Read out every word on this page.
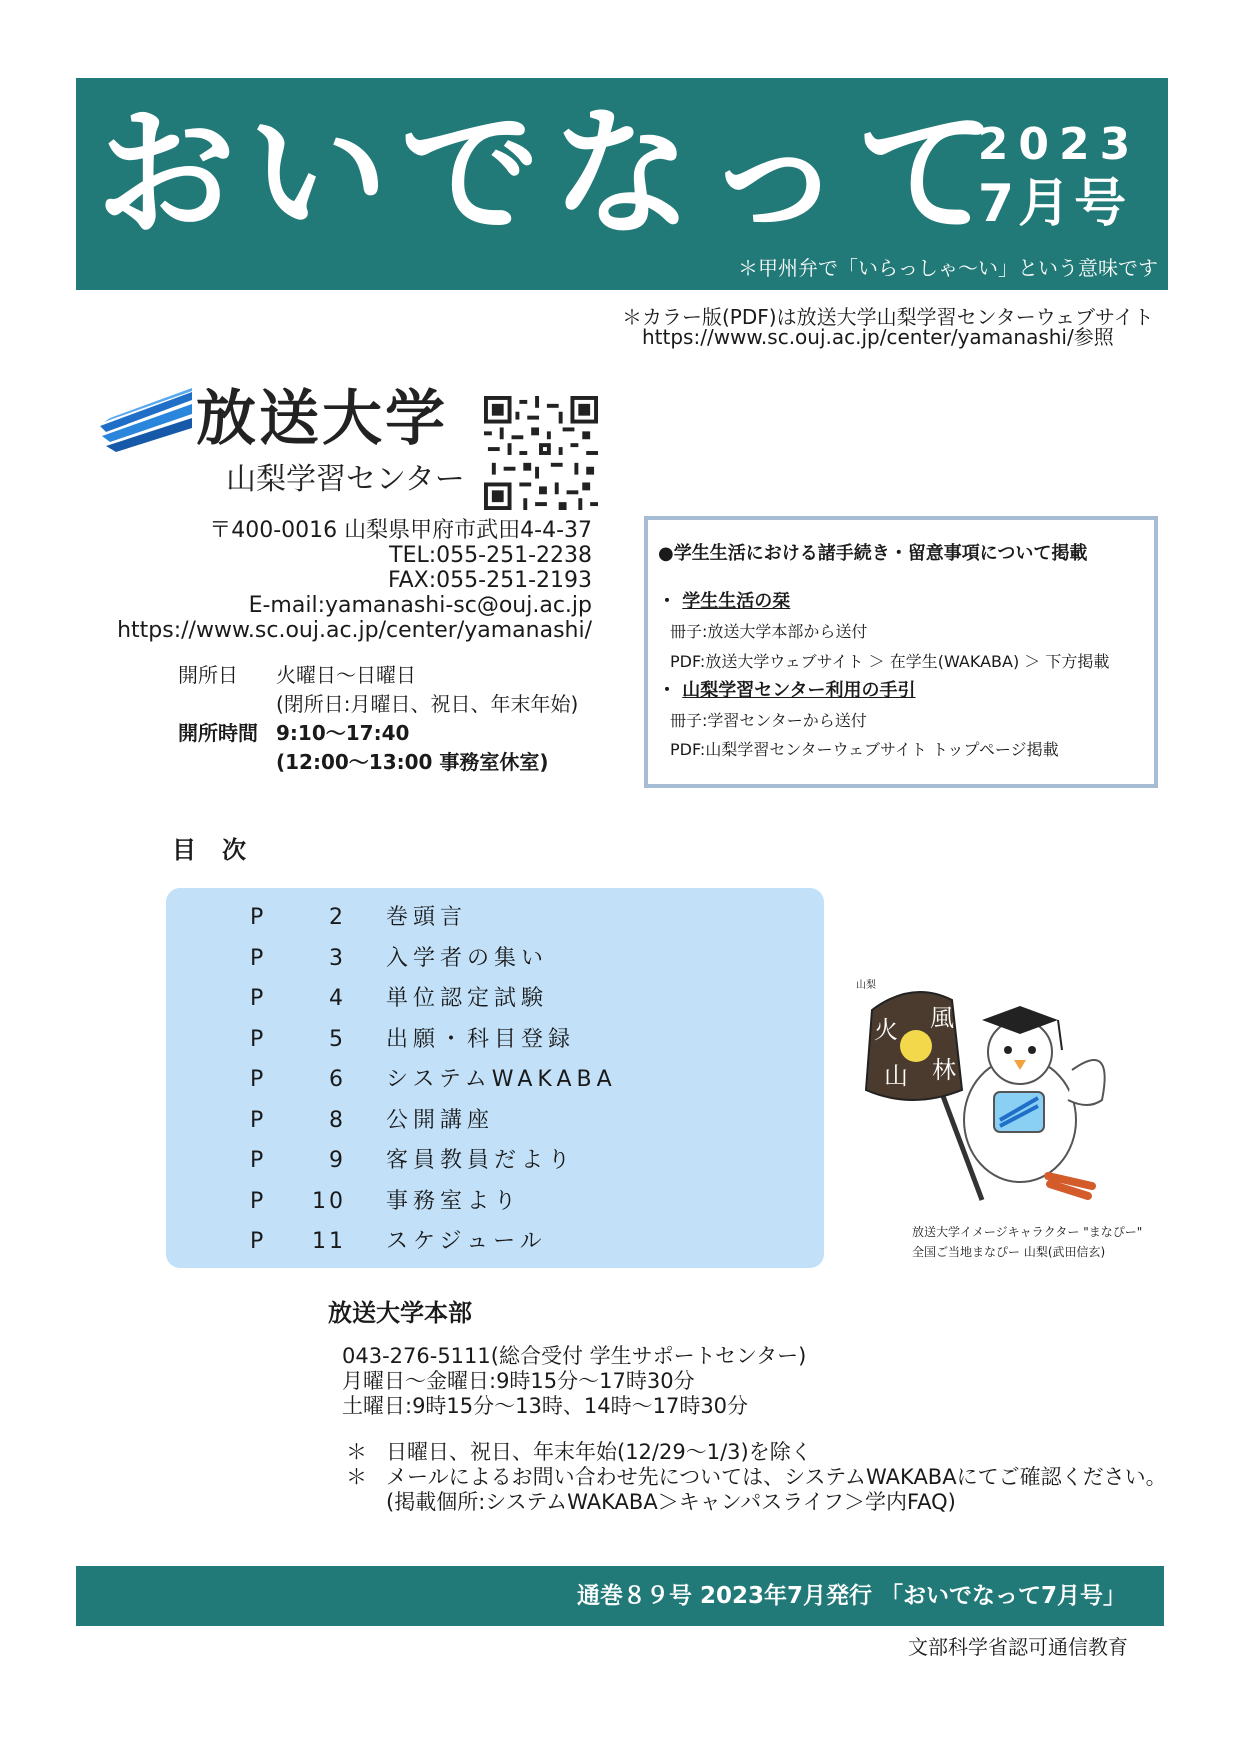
おいでなって
2023
7月号
＊甲州弁で「いらっしゃ〜い」という意味です
＊カラー版(PDF)は放送大学山梨学習センターウェブサイト
https://www.sc.ouj.ac.jp/center/yamanashi/参照
放送大学
山梨学習センター
〒400-0016 山梨県甲府市武田4-4-37
TEL:055-251-2238
FAX:055-251-2193
E-mail:yamanashi-sc@ouj.ac.jp
https://www.sc.ouj.ac.jp/center/yamanashi/
開所日 火曜日〜日曜日
(閉所日:月曜日、祝日、年末年始)
開所時間 9:10〜17:40
(12:00〜13:00 事務室休室)
●学生生活における諸手続き・留意事項について掲載
・ 学生生活の栞
冊子:放送大学本部から送付
PDF:放送大学ウェブサイト ＞ 在学生(WAKABA) ＞ 下方掲載
・ 山梨学習センター利用の手引
冊子:学習センターから送付
PDF:山梨学習センターウェブサイト トップページ掲載
目次
P	2 巻頭言
P	3 入学者の集い
P	4 単位認定試験
P	5 出願・科目登録
P	6 システムWAKABA
P	8 公開講座
P	9 客員教員だより
P	10 事務室より
P	11 スケジュール
火 風
林
山
山梨
放送大学イメージキャラクター "まなぴー"
全国ご当地まなぴー 山梨(武田信玄)
放送大学本部
043-276-5111(総合受付 学生サポートセンター)
月曜日〜金曜日:9時15分〜17時30分
土曜日:9時15分〜13時、14時〜17時30分
＊ 日曜日、祝日、年末年始(12/29〜1/3)を除く
＊ メールによるお問い合わせ先については、システムWAKABAにてご確認ください。
(掲載個所:システムWAKABA＞キャンパスライフ＞学内FAQ)
通巻８９号 2023年7月発行 「おいでなって7月号」
文部科学省認可通信教育
